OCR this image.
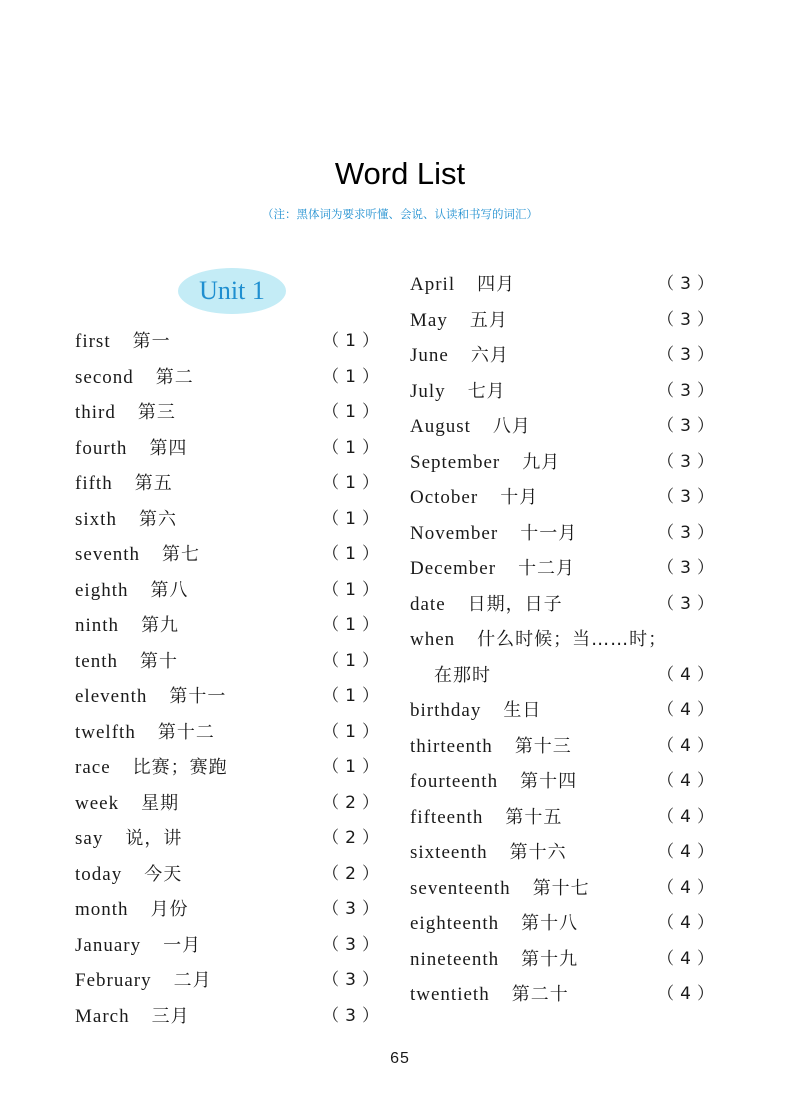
Word List
（注：黑体词为要求听懂、会说、认读和书写的词汇）
Unit 1
first 第一	（1）
second 第二	（1）
third 第三	（1）
fourth 第四	（1）
fifth 第五	（1）
sixth 第六	（1）
seventh 第七	（1）
eighth 第八	（1）
ninth 第九	（1）
tenth 第十	（1）
eleventh 第十一	（1）
twelfth 第十二	（1）
race 比赛；赛跑	（1）
week 星期	（2）
say 说，讲	（2）
today 今天	（2）
month 月份	（3）
January 一月	（3）
February 二月	（3）
March 三月	（3）
April 四月	（3）
May 五月	（3）
June 六月	（3）
July 七月	（3）
August 八月	（3）
September 九月	（3）
October 十月	（3）
November 十一月	（3）
December 十二月	（3）
date 日期，日子	（3）
when 什么时候；当……时；
在那时	（4）
birthday 生日	（4）
thirteenth 第十三	（4）
fourteenth 第十四	（4）
fifteenth 第十五	（4）
sixteenth 第十六	（4）
seventeenth 第十七	（4）
eighteenth 第十八	（4）
nineteenth 第十九	（4）
twentieth 第二十	（4）
65
